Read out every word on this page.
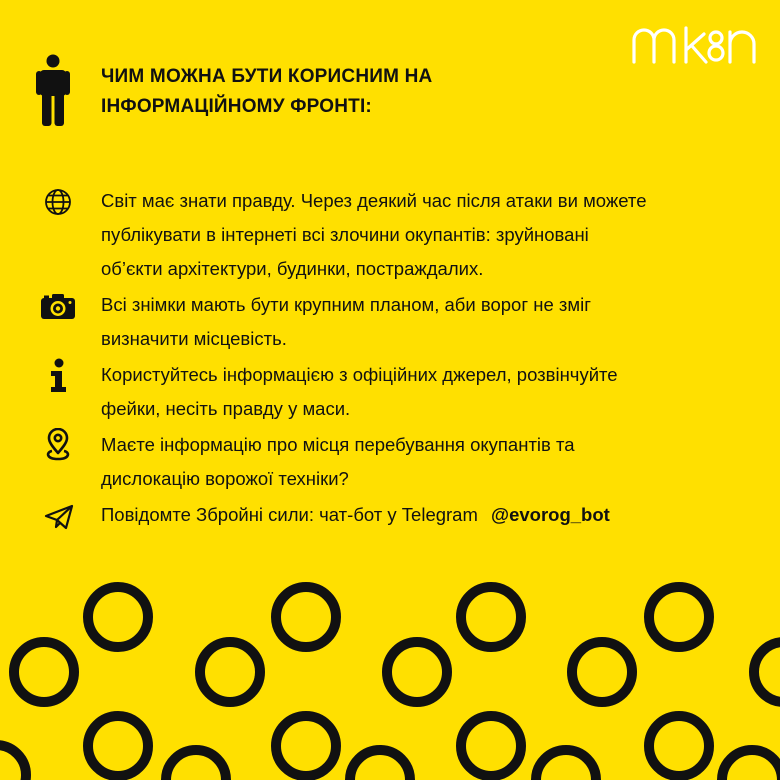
мкін
ЧИМ МОЖНА БУТИ КОРИСНИМ НА
ІНФОРМАЦІЙНОМУ ФРОНТІ:
Світ має знати правду. Через деякий час після атаки ви можете
публікувати в інтернеті всі злочини окупантів: зруйновані
об’єкти архітектури, будинки, постраждалих.
Всі знімки мають бути крупним планом, аби ворог не зміг
визначити місцевість.
Користуйтесь інформацією з офіційних джерел, розвінчуйте
фейки, несіть правду у маси.
Маєте інформацію про місця перебування окупантів та
дислокацію ворожої техніки?
Повідомте Збройні сили: чат-бот у Telegram @evorog_bot
